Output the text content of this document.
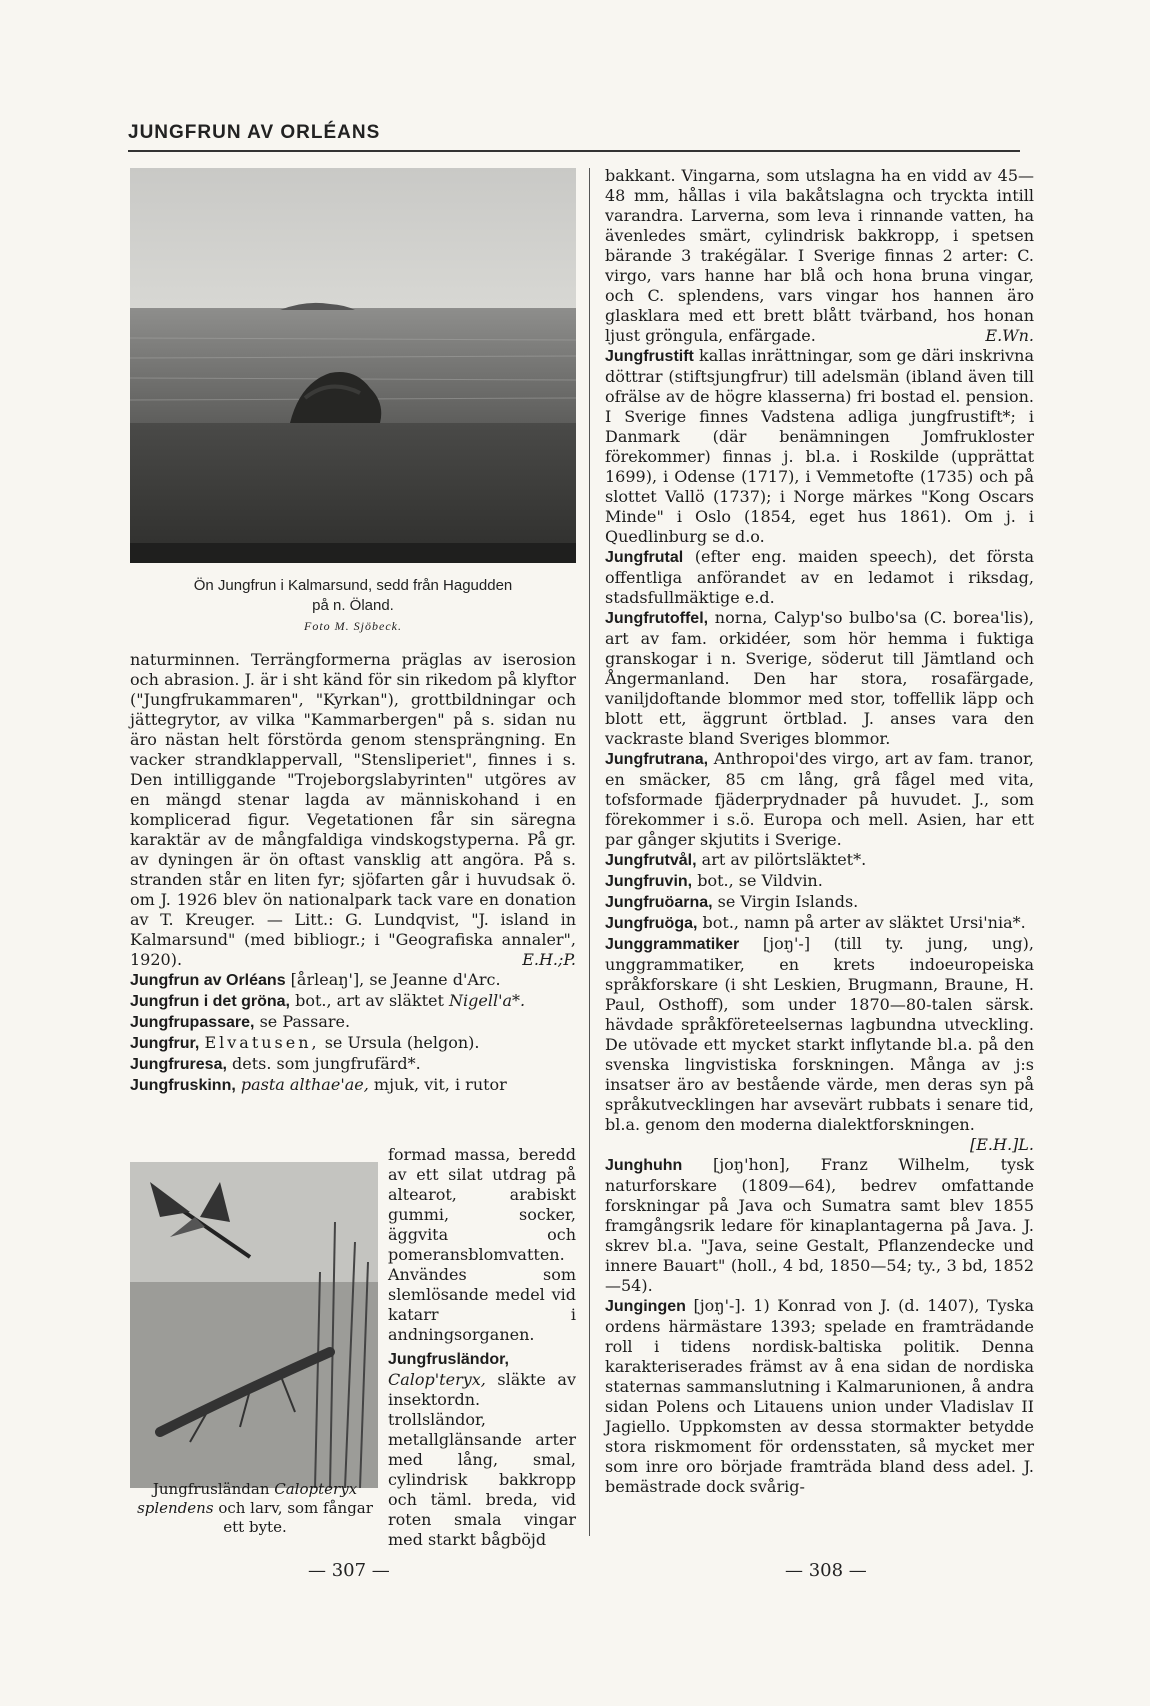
JUNGFRUN AV ORLÉANS
Ön Jungfrun i Kalmarsund, sedd från Hagudden
på n. Öland.
Foto M. Sjöbeck.

naturminnen. Terrängformerna präglas av iserosion och abrasion. J. är i sht känd för sin rikedom på klyftor ("Jungfrukammaren", "Kyrkan"), grottbildningar och jättegrytor, av vilka "Kammarbergen" på s. sidan nu äro nästan helt förstörda genom stensprängning. En vacker strandklappervall, "Stensliperiet", finnes i s. Den intilliggande "Trojeborgslabyrinten" utgöres av en mängd stenar lagda av människohand i en komplicerad figur. Vegetationen får sin säregna karaktär av de mångfaldiga vindskogstyperna. På gr. av dyningen är ön oftast vansklig att angöra. På s. stranden står en liten fyr; sjöfarten går i huvudsak ö. om J. 1926 blev ön nationalpark tack vare en donation av T. Kreuger. — Litt.: G. Lundqvist, "J. island in Kalmarsund" (med bibliogr.; i "Geografiska annaler", 1920).	E.H.;P.

Jungfrun av Orléans [årleaŋ'], se Jeanne d'Arc.

Jungfrun i det gröna, bot., art av släktet Nigell'a*.

Jungfrupassare, se Passare.

Jungfrur, Elvatusen, se Ursula (helgon).

Jungfruresa, dets. som jungfrufärd*.

Jungfruskinn, pasta althae'ae, mjuk, vit, i rutor

Jungfrusländan Calopteryx splendens och larv, som fångar ett byte.

formad massa, beredd av ett silat utdrag på altearot, arabiskt gummi, socker, äggvita och pomeransblomvatten. Användes som slemlösande medel vid katarr i andningsorganen.

Jungfrusländor, Calop'teryx, släkte av insektordn. trollsländor, metallglänsande arter med lång, smal, cylindrisk bakkropp och täml. breda, vid roten smala vingar med starkt bågböjd

bakkant. Vingarna, som utslagna ha en vidd av 45—48 mm, hållas i vila bakåtslagna och tryckta intill varandra. Larverna, som leva i rinnande vatten, ha ävenledes smärt, cylindrisk bakkropp, i spetsen bärande 3 trakégälar. I Sverige finnas 2 arter: C. virgo, vars hanne har blå och hona bruna vingar, och C. splendens, vars vingar hos hannen äro glasklara med ett brett blått tvärband, hos honan ljust gröngula, enfärgade.	E.Wn.

Jungfrustift kallas inrättningar, som ge däri inskrivna döttrar (stiftsjungfrur) till adelsmän (ibland även till ofrälse av de högre klasserna) fri bostad el. pension. I Sverige finnes Vadstena adliga jungfrustift*; i Danmark (där benämningen Jomfrukloster förekommer) finnas j. bl.a. i Roskilde (upprättat 1699), i Odense (1717), i Vemmetofte (1735) och på slottet Vallö (1737); i Norge märkes "Kong Oscars Minde" i Oslo (1854, eget hus 1861). Om j. i Quedlinburg se d.o.

Jungfrutal (efter eng. maiden speech), det första offentliga anförandet av en ledamot i riksdag, stadsfullmäktige e.d.

Jungfrutoffel, norna, Calyp'so bulbo'sa (C. borea'lis), art av fam. orkidéer, som hör hemma i fuktiga granskogar i n. Sverige, söderut till Jämtland och Ångermanland. Den har stora, rosafärgade, vaniljdoftande blommor med stor, toffellik läpp och blott ett, äggrunt örtblad. J. anses vara den vackraste bland Sveriges blommor.

Jungfrutrana, Anthropoi'des virgo, art av fam. tranor, en smäcker, 85 cm lång, grå fågel med vita, tofsformade fjäderprydnader på huvudet. J., som förekommer i s.ö. Europa och mell. Asien, har ett par gånger skjutits i Sverige.

Jungfrutvål, art av pilörtsläktet*.

Jungfruvin, bot., se Vildvin.

Jungfruöarna, se Virgin Islands.

Jungfruöga, bot., namn på arter av släktet Ursi'nia*.

Junggrammatiker [joŋ'-] (till ty. jung, ung), unggrammatiker, en krets indoeuropeiska språkforskare (i sht Leskien, Brugmann, Braune, H. Paul, Osthoff), som under 1870—80-talen särsk. hävdade språkföreteelsernas lagbundna utveckling. De utövade ett mycket starkt inflytande bl.a. på den svenska lingvistiska forskningen. Många av j:s insatser äro av bestående värde, men deras syn på språkutvecklingen har avsevärt rubbats i senare tid, bl.a. genom den moderna dialektforskningen.
[E.H.]L.

Junghuhn [joŋ'hon], Franz Wilhelm, tysk naturforskare (1809—64), bedrev omfattande forskningar på Java och Sumatra samt blev 1855 framgångsrik ledare för kinaplantagerna på Java. J. skrev bl.a. "Java, seine Gestalt, Pflanzendecke und innere Bauart" (holl., 4 bd, 1850—54; ty., 3 bd, 1852—54).

Jungingen [joŋ'-]. 1) Konrad von J. (d. 1407), Tyska ordens härmästare 1393; spelade en framträdande roll i tidens nordisk-baltiska politik. Denna karakteriserades främst av å ena sidan de nordiska staternas sammanslutning i Kalmarunionen, å andra sidan Polens och Litauens union under Vladislav II Jagiello. Uppkomsten av dessa stormakter betydde stora riskmoment för ordensstaten, så mycket mer som inre oro började framträda bland dess adel. J. bemästrade dock svårig-

— 307 —	— 308 —
